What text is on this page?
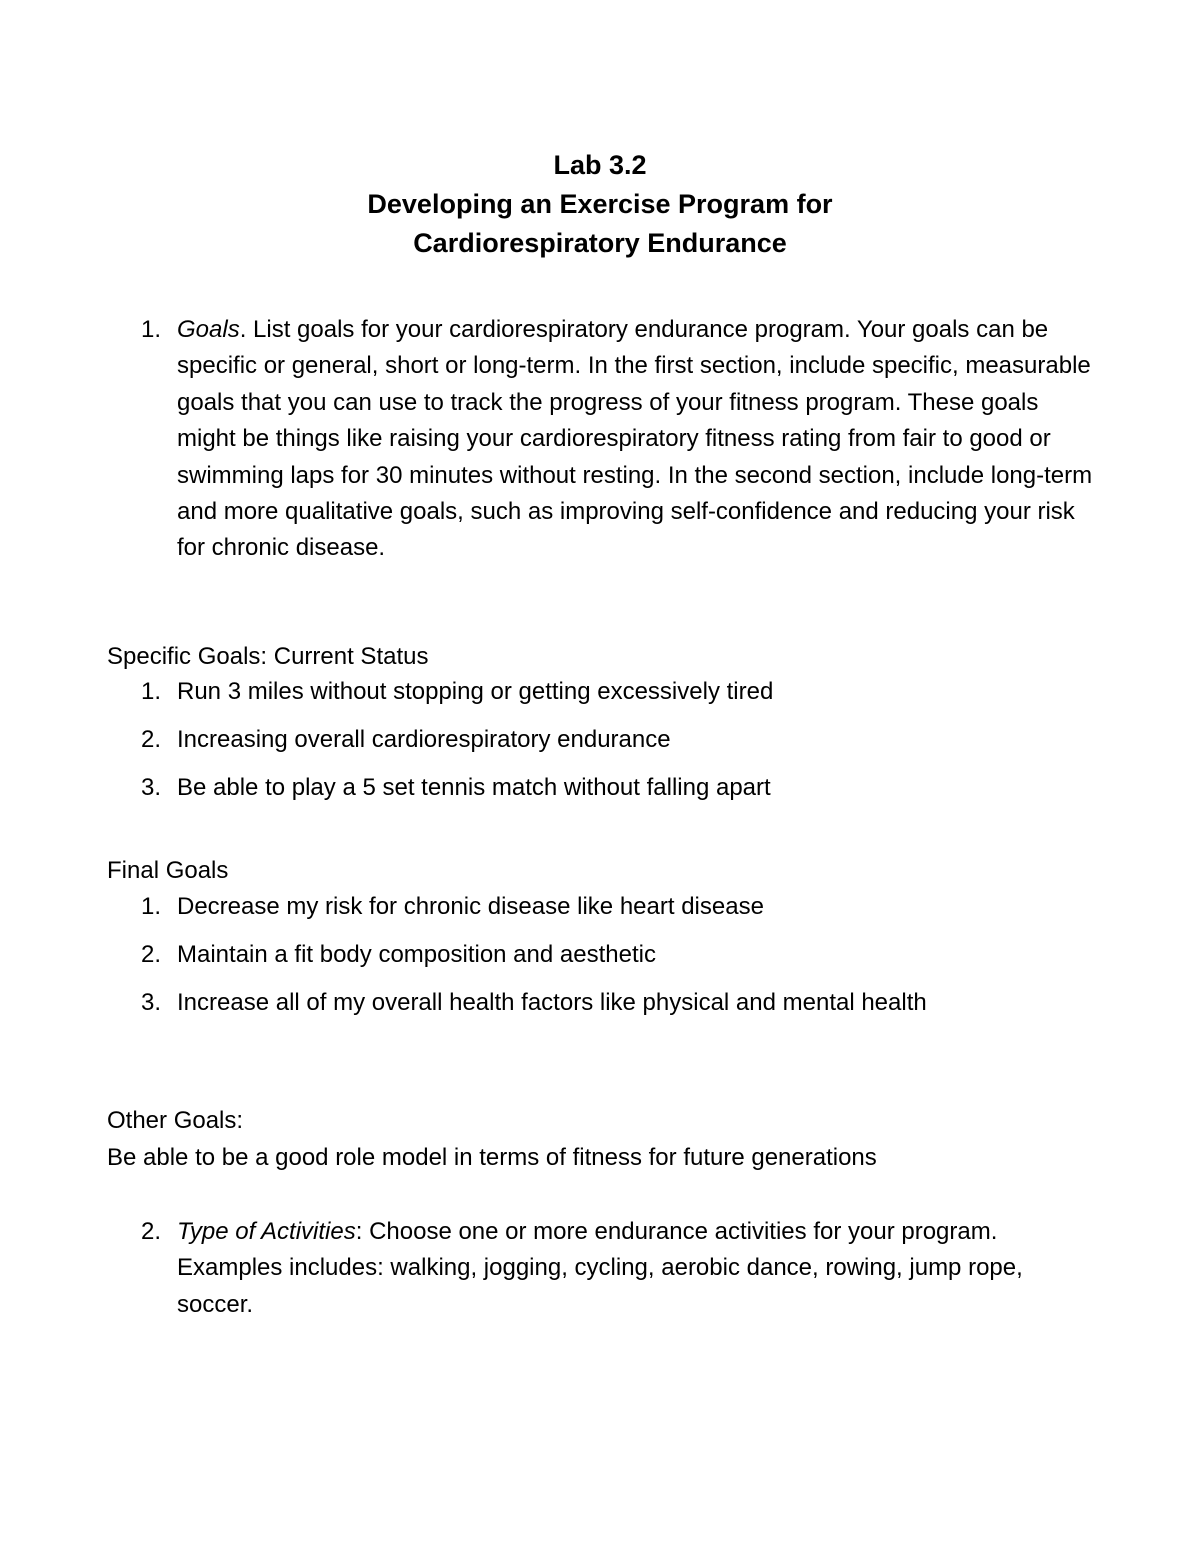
Lab 3.2
Developing an Exercise Program for
Cardiorespiratory Endurance
1. Goals. List goals for your cardiorespiratory endurance program. Your goals can be specific or general, short or long-term. In the first section, include specific, measurable goals that you can use to track the progress of your fitness program. These goals might be things like raising your cardiorespiratory fitness rating from fair to good or swimming laps for 30 minutes without resting. In the second section, include long-term and more qualitative goals, such as improving self-confidence and reducing your risk for chronic disease.
Specific Goals: Current Status
1. Run 3 miles without stopping or getting excessively tired
2. Increasing overall cardiorespiratory endurance
3. Be able to play a 5 set tennis match without falling apart
Final Goals
1. Decrease my risk for chronic disease like heart disease
2. Maintain a fit body composition and aesthetic
3. Increase all of my overall health factors like physical and mental health
Other Goals:
Be able to be a good role model in terms of fitness for future generations
2. Type of Activities: Choose one or more endurance activities for your program. Examples includes: walking, jogging, cycling, aerobic dance, rowing, jump rope, soccer.
